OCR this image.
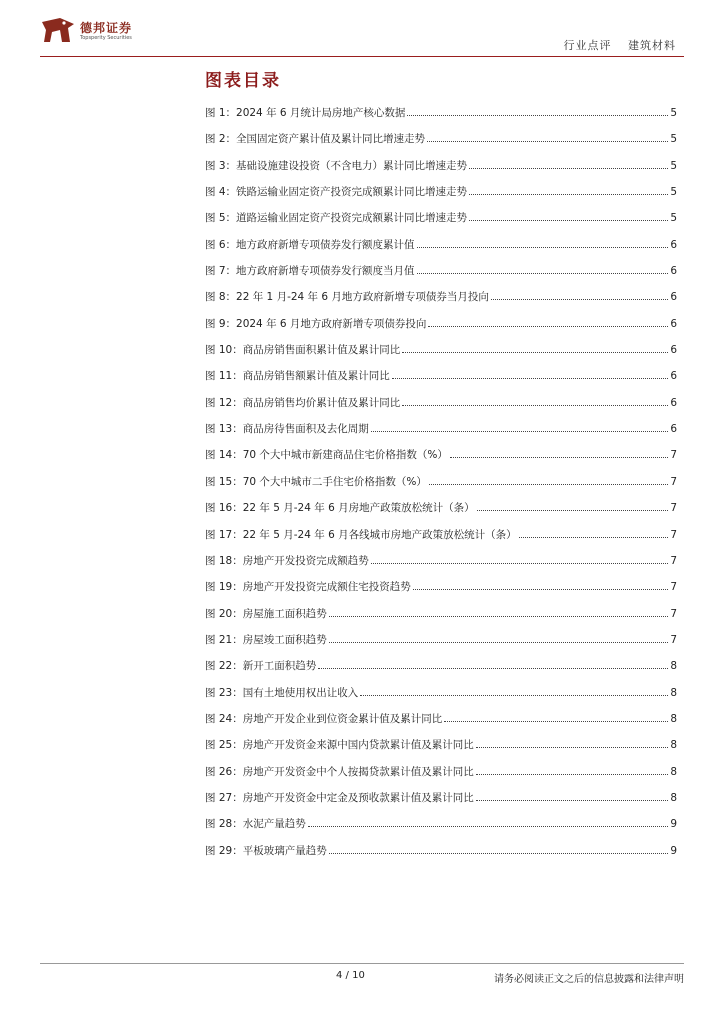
德邦证券
Topsperity Securities
行业点评 建筑材料
图表目录
图 1：2024 年 6 月统计局房地产核心数据	5
图 2：全国固定资产累计值及累计同比增速走势	5
图 3：基础设施建设投资（不含电力）累计同比增速走势	5
图 4：铁路运输业固定资产投资完成额累计同比增速走势	5
图 5：道路运输业固定资产投资完成额累计同比增速走势	5
图 6：地方政府新增专项债券发行额度累计值	6
图 7：地方政府新增专项债券发行额度当月值	6
图 8：22 年 1 月-24 年 6 月地方政府新增专项债券当月投向	6
图 9：2024 年 6 月地方政府新增专项债券投向	6
图 10：商品房销售面积累计值及累计同比	6
图 11：商品房销售额累计值及累计同比	6
图 12：商品房销售均价累计值及累计同比	6
图 13：商品房待售面积及去化周期	6
图 14：70 个大中城市新建商品住宅价格指数（%）	7
图 15：70 个大中城市二手住宅价格指数（%）	7
图 16：22 年 5 月-24 年 6 月房地产政策放松统计（条）	7
图 17：22 年 5 月-24 年 6 月各线城市房地产政策放松统计（条）	7
图 18：房地产开发投资完成额趋势	7
图 19：房地产开发投资完成额住宅投资趋势	7
图 20：房屋施工面积趋势	7
图 21：房屋竣工面积趋势	7
图 22：新开工面积趋势	8
图 23：国有土地使用权出让收入	8
图 24：房地产开发企业到位资金累计值及累计同比	8
图 25：房地产开发资金来源中国内贷款累计值及累计同比	8
图 26：房地产开发资金中个人按揭贷款累计值及累计同比	8
图 27：房地产开发资金中定金及预收款累计值及累计同比	8
图 28：水泥产量趋势	9
图 29：平板玻璃产量趋势	9
4 / 10	请务必阅读正文之后的信息披露和法律声明
